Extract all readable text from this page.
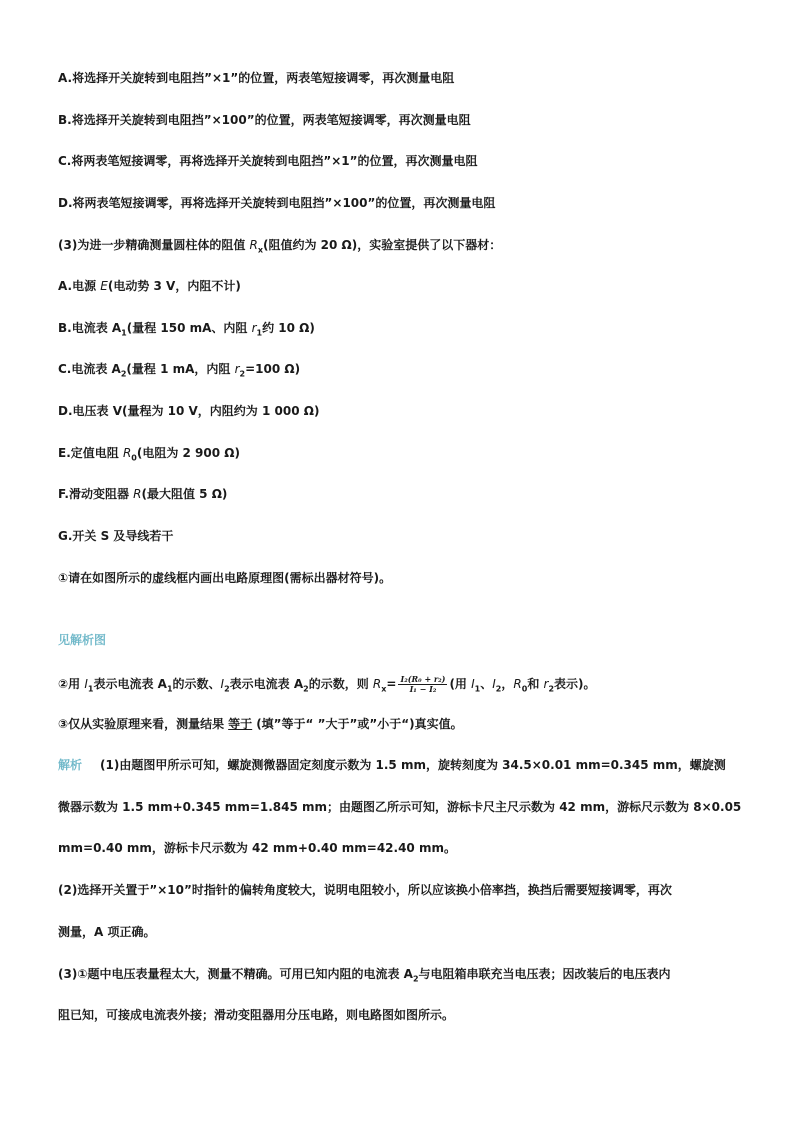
A.将选择开关旋转到电阻挡”×1”的位置，两表笔短接调零，再次测量电阻
B.将选择开关旋转到电阻挡”×100”的位置，两表笔短接调零，再次测量电阻
C.将两表笔短接调零，再将选择开关旋转到电阻挡”×1”的位置，再次测量电阻
D.将两表笔短接调零，再将选择开关旋转到电阻挡”×100”的位置，再次测量电阻
(3)为进一步精确测量圆柱体的阻值 $R_x$(阻值约为 20 Ω)，实验室提供了以下器材：
A.电源 E(电动势 3 V，内阻不计)
B.电流表 $A_1$(量程 150 mA、内阻 $r_1$约 10 Ω)
C.电流表 $A_2$(量程 1 mA，内阻 $r_2=100$ Ω)
D.电压表 V(量程为 10 V，内阻约为 1 000 Ω)
E.定值电阻 $R_0$(电阻为 2 900 Ω)
F.滑动变阻器 R(最大阻值 5 Ω)
G.开关 S 及导线若干
①请在如图所示的虚线框内画出电路原理图(需标出器材符号)。
见解析图
②用 $I_1$表示电流表 $A_1$的示数、$I_2$表示电流表 $A_2$的示数，则 $R_x= \frac{\text{I₂(R₀ + r₂)}}{\text{I₁ − I₂}}$ (用 $I_1$、$I_2$，$R_0$和 $r_2$表示)。
③仅从实验原理来看，测量结果 等于 (填”等于“ ”大于”或”小于“)真实值。
解析 (1)由题图甲所示可知，螺旋测微器固定刻度示数为 1.5 mm，旋转刻度为 34.5×0.01 mm=0.345 mm，螺旋测
微器示数为 1.5 mm+0.345 mm=1.845 mm；由题图乙所示可知，游标卡尺主尺示数为 42 mm，游标尺示数为 8×0.05
mm=0.40 mm，游标卡尺示数为 42 mm+0.40 mm=42.40 mm。
(2)选择开关置于”×10”时指针的偏转角度较大，说明电阻较小，所以应该换小倍率挡，换挡后需要短接调零，再次
测量，A 项正确。
(3)①题中电压表量程太大，测量不精确。可用已知内阻的电流表 $A_2$与电阻箱串联充当电压表；因改装后的电压表内
阻已知，可接成电流表外接；滑动变阻器用分压电路，则电路图如图所示。
